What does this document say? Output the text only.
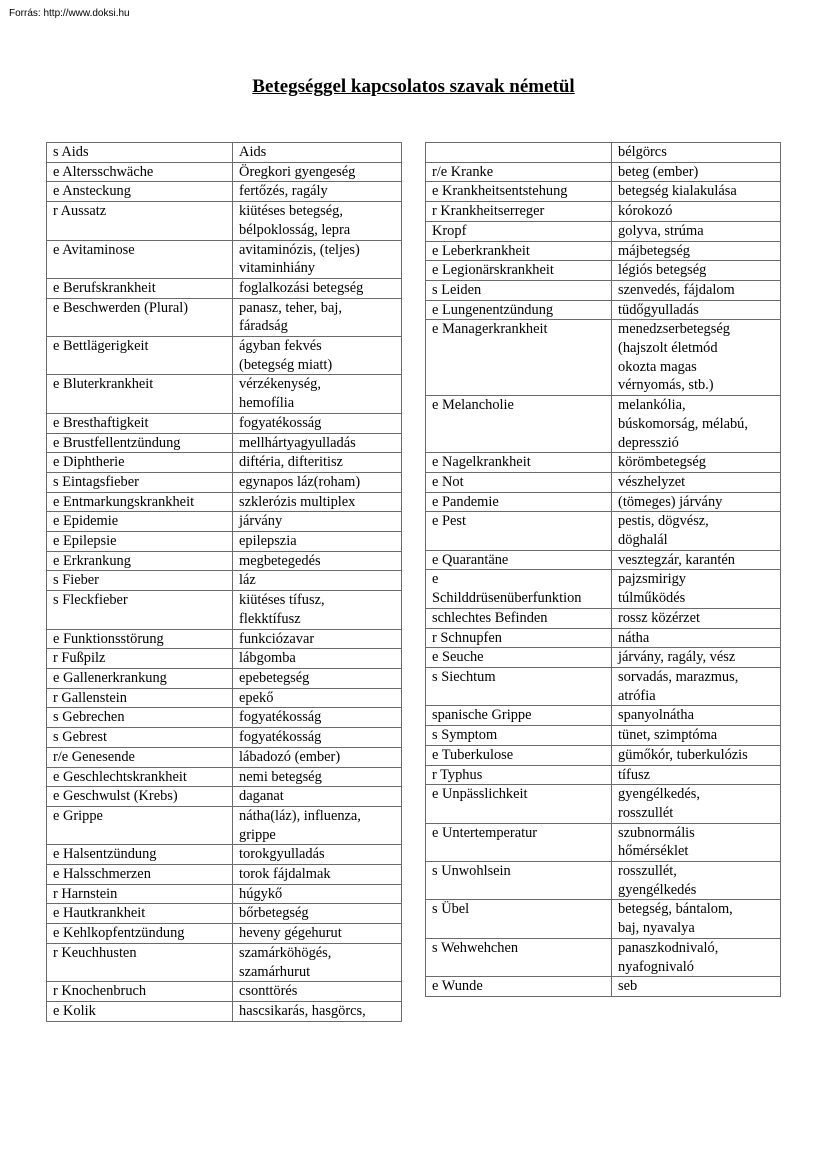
Forrás: http://www.doksi.hu
Betegséggel kapcsolatos szavak németül
s Aids	Aids
e Altersschwäche	Öregkori gyengeség
e Ansteckung	fertőzés, ragály
r Aussatz	kiütéses betegség,
bélpoklosság, lepra
e Avitaminose	avitaminózis, (teljes)
vitaminhiány
e Berufskrankheit	foglalkozási betegség
e Beschwerden (Plural)	panasz, teher, baj,
fáradság
e Bettlägerigkeit	ágyban fekvés
(betegség miatt)
e Bluterkrankheit	vérzékenység,
hemofília
e Bresthaftigkeit	fogyatékosság
e Brustfellentzündung	mellhártyagyulladás
e Diphtherie	diftéria, difteritisz
s Eintagsfieber	egynapos láz(roham)
e Entmarkungskrankheit	szklerózis multiplex
e Epidemie	járvány
e Epilepsie	epilepszia
e Erkrankung	megbetegedés
s Fieber	láz
s Fleckfieber	kiütéses tífusz,
flekktífusz
e Funktionsstörung	funkciózavar
r Fußpilz	lábgomba
e Gallenerkrankung	epebetegség
r Gallenstein	epekő
s Gebrechen	fogyatékosság
s Gebrest	fogyatékosság
r/e Genesende	lábadozó (ember)
e Geschlechtskrankheit	nemi betegség
e Geschwulst (Krebs)	daganat
e Grippe	nátha(láz), influenza,
grippe
e Halsentzündung	torokgyulladás
e Halsschmerzen	torok fájdalmak
r Harnstein	húgykő
e Hautkrankheit	bőrbetegség
e Kehlkopfentzündung	heveny gégehurut
r Keuchhusten	szamárköhögés,
szamárhurut
r Knochenbruch	csonttörés
e Kolik	hascsikarás, hasgörcs,
	bélgörcs
r/e Kranke	beteg (ember)
e Krankheitsentstehung	betegség kialakulása
r Krankheitserreger	kórokozó
Kropf	golyva, strúma
e Leberkrankheit	májbetegség
e Legionärskrankheit	légiós betegség
s Leiden	szenvedés, fájdalom
e Lungenentzündung	tüdőgyulladás
e Managerkrankheit	menedzserbetegség
(hajszolt életmód
okozta magas
vérnyomás, stb.)
e Melancholie	melankólia,
búskomorság, mélabú,
depresszió
e Nagelkrankheit	körömbetegség
e Not	vészhelyzet
e Pandemie	(tömeges) járvány
e Pest	pestis, dögvész,
döghalál
e Quarantäne	vesztegzár, karantén
e
Schilddrüsenüberfunktion	pajzsmirigy
túlműködés
schlechtes Befinden	rossz közérzet
r Schnupfen	nátha
e Seuche	járvány, ragály, vész
s Siechtum	sorvadás, marazmus,
atrófia
spanische Grippe	spanyolnátha
s Symptom	tünet, szimptóma
e Tuberkulose	gümőkór, tuberkulózis
r Typhus	tífusz
e Unpässlichkeit	gyengélkedés,
rosszullét
e Untertemperatur	szubnormális
hőmérséklet
s Unwohlsein	rosszullét,
gyengélkedés
s Übel	betegség, bántalom,
baj, nyavalya
s Wehwehchen	panaszkodnivaló,
nyafognivaló
e Wunde	seb
